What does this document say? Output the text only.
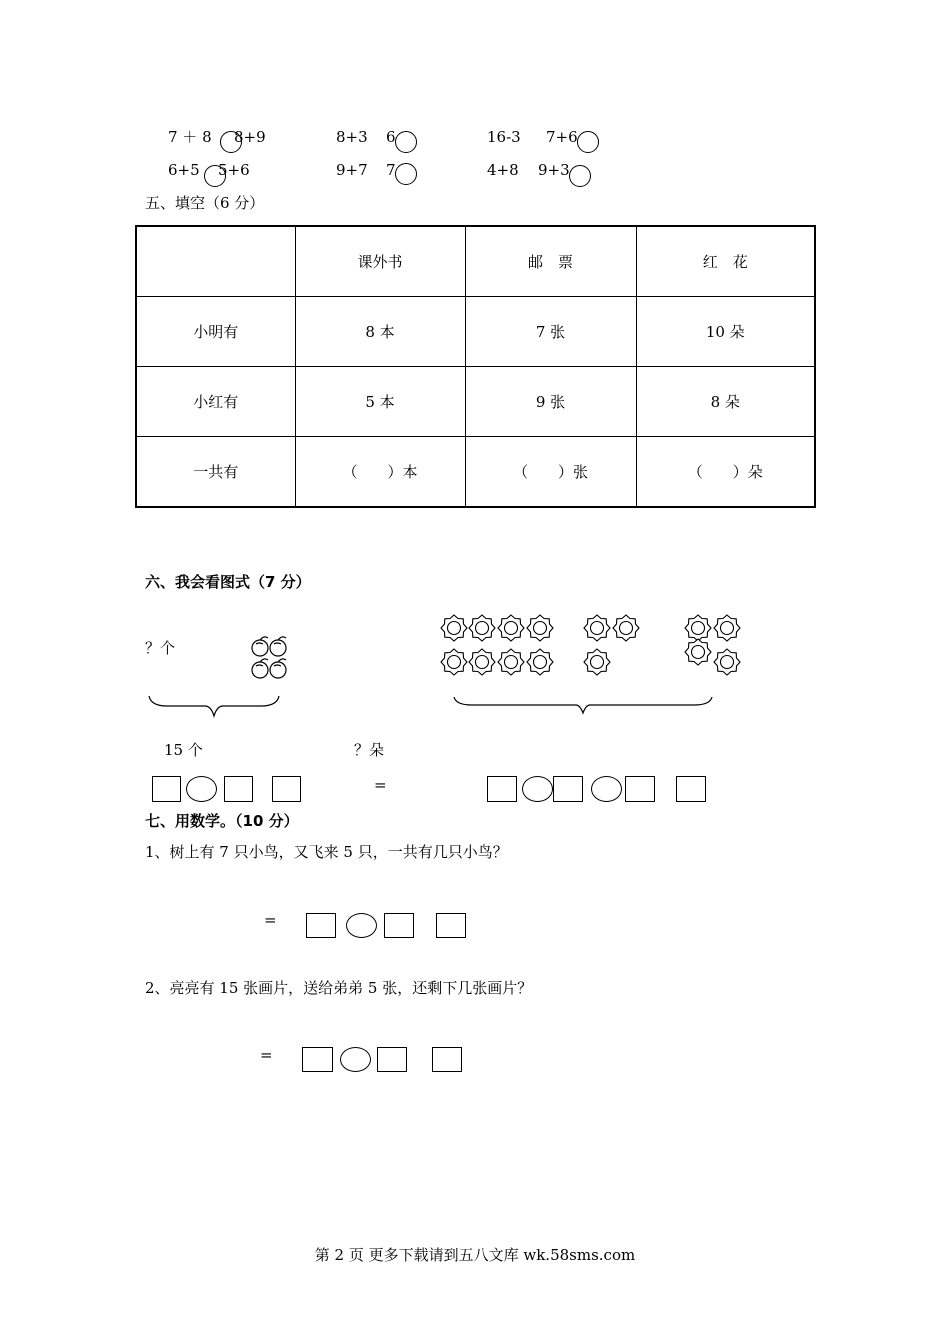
7 ＋ 8 8+9	8+3 6	16-3 7+6
6+5 5+6	9+7 7	4+8 9+3
五、填空（6 分）
	课外书	邮　票	红　花
小明有	8 本	7 张	10 朵
小红有	5 本	9 张	8 朵
一共有	（　　）本	（　　）张	（　　）朵
六、我会看图式（7 分）
？个
15 个	？朵
=
七、用数学。（10 分）
1、树上有 7 只小鸟，又飞来 5 只，一共有几只小鸟？
=
2、亮亮有 15 张画片，送给弟弟 5 张，还剩下几张画片？
=
第 2 页 更多下载请到五八文库 wk.58sms.com
